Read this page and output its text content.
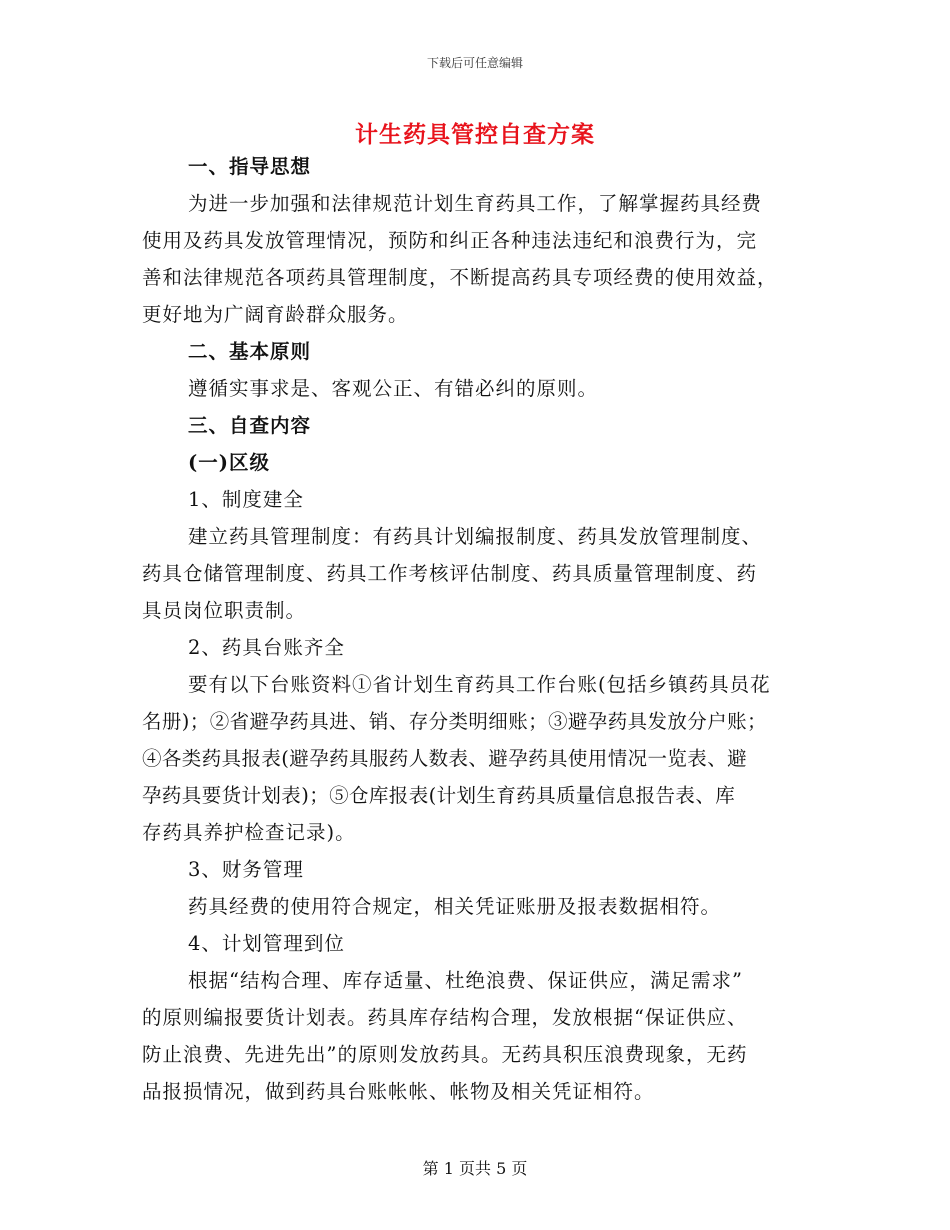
下载后可任意编辑
计生药具管控自查方案
一、指导思想
为进一步加强和法律规范计划生育药具工作，了解掌握药具经费
使用及药具发放管理情况，预防和纠正各种违法违纪和浪费行为，完
善和法律规范各项药具管理制度，不断提高药具专项经费的使用效益，
更好地为广阔育龄群众服务。
二、基本原则
遵循实事求是、客观公正、有错必纠的原则。
三、自查内容
(一)区级
1、制度建全
建立药具管理制度：有药具计划编报制度、药具发放管理制度、
药具仓储管理制度、药具工作考核评估制度、药具质量管理制度、药
具员岗位职责制。
2、药具台账齐全
要有以下台账资料①省计划生育药具工作台账(包括乡镇药具员花
名册)；②省避孕药具进、销、存分类明细账；③避孕药具发放分户账；
④各类药具报表(避孕药具服药人数表、避孕药具使用情况一览表、避
孕药具要货计划表)；⑤仓库报表(计划生育药具质量信息报告表、库
存药具养护检查记录)。
3、财务管理
药具经费的使用符合规定，相关凭证账册及报表数据相符。
4、计划管理到位
根据“结构合理、库存适量、杜绝浪费、保证供应，满足需求”
的原则编报要货计划表。药具库存结构合理，发放根据“保证供应、
防止浪费、先进先出”的原则发放药具。无药具积压浪费现象，无药
品报损情况，做到药具台账帐帐、帐物及相关凭证相符。
第 1 页共 5 页
